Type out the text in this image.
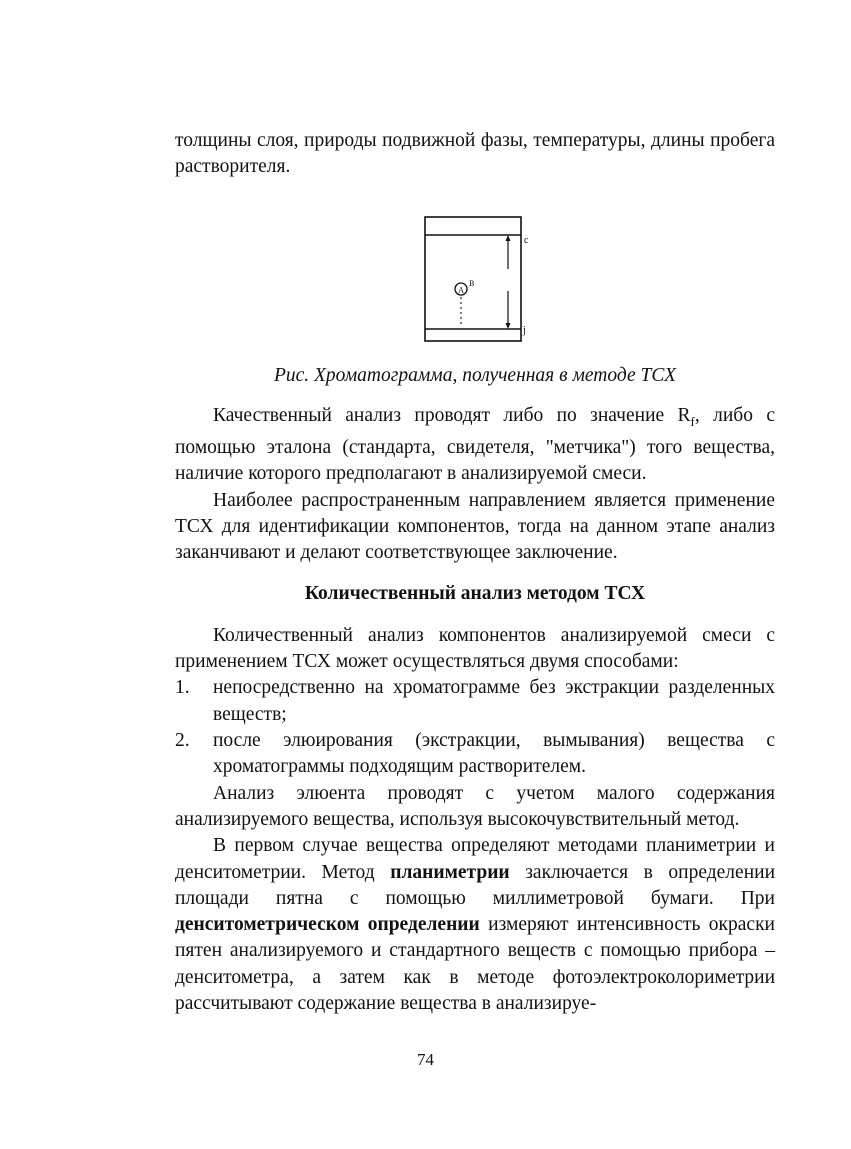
толщины слоя, природы подвижной фазы, температуры, длины пробега растворителя.

A
B
c
j

Рис. Хроматограмма, полученная в методе ТСХ

Качественный анализ проводят либо по значение $R_f$, либо с помощью эталона (стандарта, свидетеля, "метчика") того вещества, наличие которого предполагают в анализируемой смеси.

Наиболее распространенным направлением является применение ТСХ для идентификации компонентов, тогда на данном этапе анализ заканчивают и делают соответствующее заключение.

Количественный анализ методом ТСХ

Количественный анализ компонентов анализируемой смеси с применением ТСХ может осуществляться двумя способами:

1. непосредственно на хроматограмме без экстракции разделенных веществ;
2. после элюирования (экстракции, вымывания) вещества с хроматограммы подходящим растворителем.

Анализ элюента проводят с учетом малого содержания анализируемого вещества, используя высокочувствительный метод.

В первом случае вещества определяют методами планиметрии и денситометрии. Метод планиметрии заключается в определении площади пятна с помощью миллиметровой бумаги. При денситометрическом определении измеряют интенсивность окраски пятен анализируемого и стандартного веществ с помощью прибора – денситометра, а затем как в методе фотоэлектроколориметрии рассчитывают содержание вещества в анализируе-

74
